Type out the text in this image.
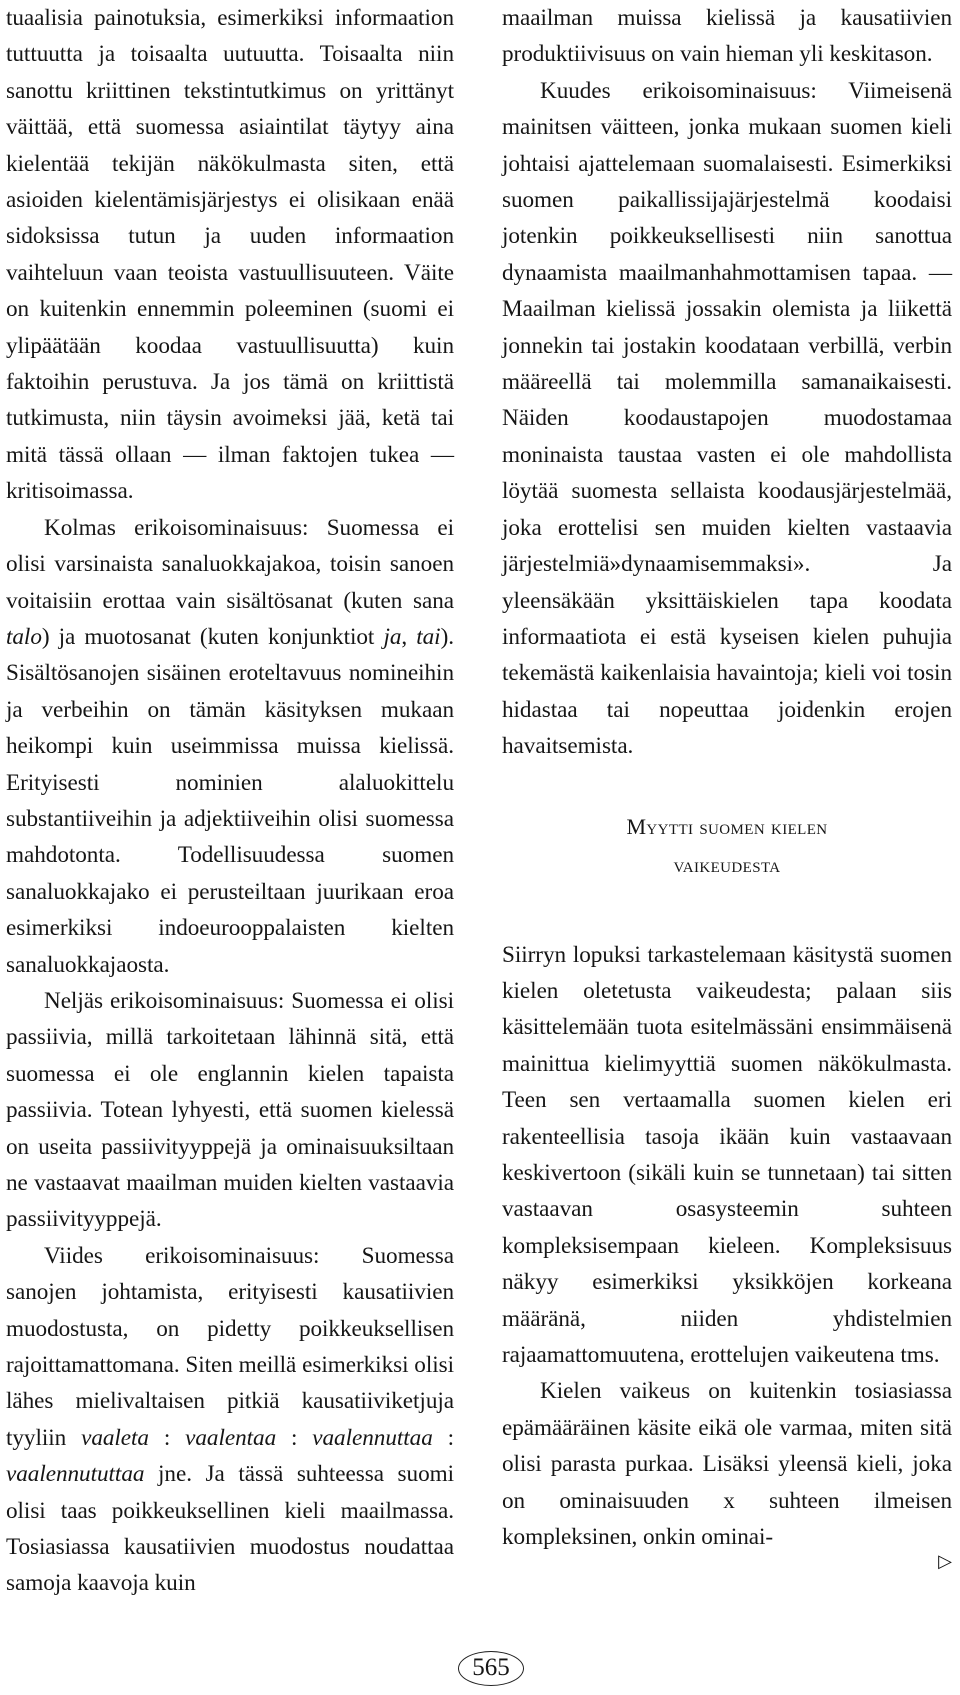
tuaalisia painotuksia, esimerkiksi informaation tuttuutta ja toisaalta uutuutta. Toisaalta niin sanottu kriittinen tekstintutkimus on yrittänyt väittää, että suomessa asiaintilat täytyy aina kielentää tekijän näkökulmasta siten, että asioiden kielentämisjärjestys ei olisikaan enää sidoksissa tutun ja uuden informaation vaihteluun vaan teoista vastuullisuuteen. Väite on kuitenkin ennemmin poleeminen (suomi ei ylipäätään koodaa vastuullisuutta) kuin faktoihin perustuva. Ja jos tämä on kriittistä tutkimusta, niin täysin avoimeksi jää, ketä tai mitä tässä ollaan — ilman faktojen tukea — kritisoimassa.

Kolmas erikoisominaisuus: Suomessa ei olisi varsinaista sanaluokkajakoa, toisin sanoen voitaisiin erottaa vain sisältösanat (kuten sana talo) ja muotosanat (kuten konjunktiot ja, tai). Sisältösanojen sisäinen eroteltavuus nomineihin ja verbeihin on tämän käsityksen mukaan heikompi kuin useimmissa muissa kielissä. Erityisesti nominien alaluokittelu substantiiveihin ja adjektiiveihin olisi suomessa mahdotonta. Todellisuudessa suomen sanaluokkajako ei perusteiltaan juurikaan eroa esimerkiksi indoeurooppalaisten kielten sanaluokkajaosta.

Neljäs erikoisominaisuus: Suomessa ei olisi passiivia, millä tarkoitetaan lähinnä sitä, että suomessa ei ole englannin kielen tapaista passiivia. Totean lyhyesti, että suomen kielessä on useita passiivityyppejä ja ominaisuuksiltaan ne vastaavat maailman muiden kielten vastaavia passiivityyppejä.

Viides erikoisominaisuus: Suomessa sanojen johtamista, erityisesti kausatiivien muodostusta, on pidetty poikkeuksellisen rajoittamattomana. Siten meillä esimerkiksi olisi lähes mielivaltaisen pitkiä kausatiiviketjuja tyyliin vaaleta : vaalentaa : vaalennuttaa : vaalennututtaa jne. Ja tässä suhteessa suomi olisi taas poikkeuksellinen kieli maailmassa. Tosiasiassa kausatiivien muodostus noudattaa samoja kaavoja kuin

maailman muissa kielissä ja kausatiivien produktiivisuus on vain hieman yli keskitason.

Kuudes erikoisominaisuus: Viimeisenä mainitsen väitteen, jonka mukaan suomen kieli johtaisi ajattelemaan suomalaisesti. Esimerkiksi suomen paikallissijajärjestelmä koodaisi jotenkin poikkeuksellisesti niin sanottua dynaamista maailmanhahmottamisen tapaa. — Maailman kielissä jossakin olemista ja liikettä jonnekin tai jostakin koodataan verbillä, verbin määreellä tai molemmilla samanaikaisesti. Näiden koodaustapojen muodostamaa moninaista taustaa vasten ei ole mahdollista löytää suomesta sellaista koodausjärjestelmää, joka erottelisi sen muiden kielten vastaavia järjestelmiä»dynaamisemmaksi». Ja yleensäkään yksittäiskielen tapa koodata informaatiota ei estä kyseisen kielen puhujia tekemästä kaikenlaisia havaintoja; kieli voi tosin hidastaa tai nopeuttaa joidenkin erojen havaitsemista.

Myytti suomen kielen
vaikeudesta

Siirryn lopuksi tarkastelemaan käsitystä suomen kielen oletetusta vaikeudesta; palaan siis käsittelemään tuota esitelmässäni ensimmäisenä mainittua kielimyyttiä suomen näkökulmasta. Teen sen vertaamalla suomen kielen eri rakenteellisia tasoja ikään kuin vastaavaan keskivertoon (sikäli kuin se tunnetaan) tai sitten vastaavan osasysteemin suhteen kompleksisempaan kieleen. Kompleksisuus näkyy esimerkiksi yksikköjen korkeana määränä, niiden yhdistelmien rajaamattomuutena, erottelujen vaikeutena tms.

Kielen vaikeus on kuitenkin tosiasiassa epämääräinen käsite eikä ole varmaa, miten sitä olisi parasta purkaa. Lisäksi yleensä kieli, joka on ominaisuuden x suhteen ilmeisen kompleksinen, onkin ominai-

▷
565
